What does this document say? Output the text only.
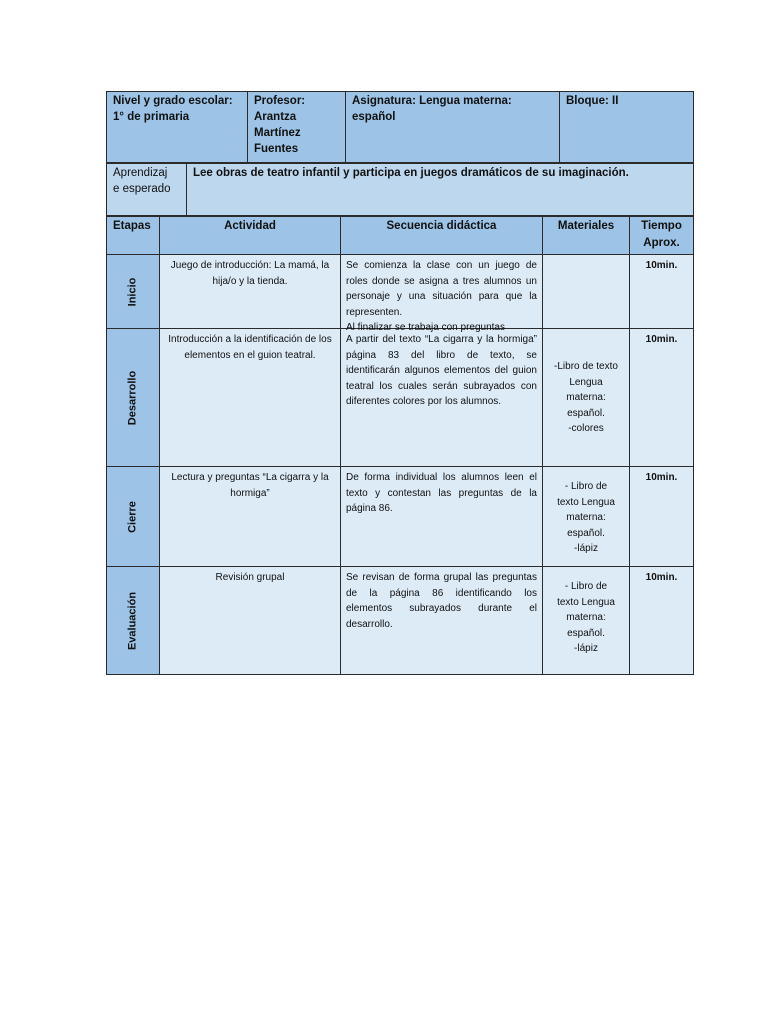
Nivel y grado escolar:
1° de primaria	Profesor:
Arantza
Martínez
Fuentes	Asignatura: Lengua materna:
español	Bloque: II
Aprendizaj
e esperado	Lee obras de teatro infantil y participa en juegos dramáticos de su imaginación.
Etapas	Actividad	Secuencia didáctica	Materiales	Tiempo
Aprox.

Inicio	Juego de introducción: La mamá, la hija/o y la tienda.	Se comienza la clase con un juego de roles donde se asigna a tres alumnos un personaje y una situación para que la representen.
Al finalizar se trabaja con preguntas		10min.

Desarrollo	Introducción a la identificación de los elementos en el guion teatral.	A partir del texto “La cigarra y la hormiga” página 83 del libro de texto, se identificarán algunos elementos del guion teatral los cuales serán subrayados con diferentes colores por los alumnos.	-Libro de texto
Lengua
materna:
español.
-colores	10min.

Cierre	Lectura y preguntas “La cigarra y la hormiga”	De forma individual los alumnos leen el texto y contestan las preguntas de la página 86.	- Libro de
texto Lengua
materna:
español.
-lápiz	10min.

Evaluación	Revisión grupal	Se revisan de forma grupal las preguntas de la página 86 identificando los elementos subrayados durante el desarrollo.	- Libro de
texto Lengua
materna:
español.
-lápiz	10min.
